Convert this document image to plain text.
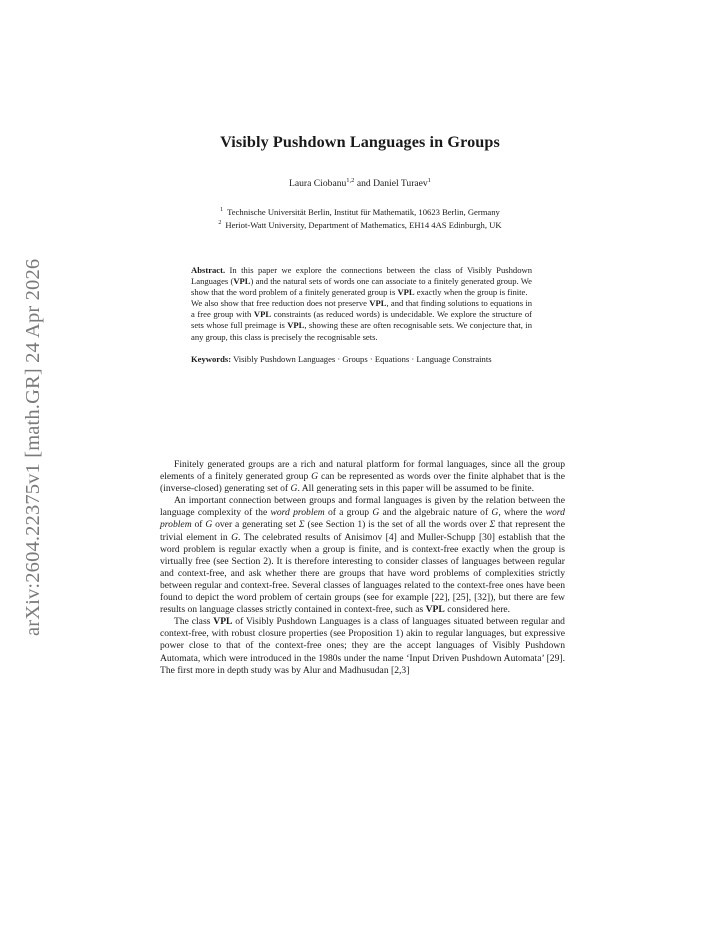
arXiv:2604.22375v1 [math.GR] 24 Apr 2026
Visibly Pushdown Languages in Groups
Laura Ciobanu$^{1,2}$ and Daniel Turaev$^1$
$^1$ Technische Universität Berlin, Institut für Mathematik, 10623 Berlin, Germany
$^2$ Heriot-Watt University, Department of Mathematics, EH14 4AS Edinburgh, UK

Abstract. In this paper we explore the connections between the class of Visibly Pushdown Languages (VPL) and the natural sets of words one can associate to a finitely generated group. We show that the word problem of a finitely generated group is VPL exactly when the group is finite.

We also show that free reduction does not preserve VPL, and that finding solutions to equations in a free group with VPL constraints (as reduced words) is undecidable. We explore the structure of sets whose full preimage is VPL, showing these are often recognisable sets. We conjecture that, in any group, this class is precisely the recognisable sets.

Keywords: Visibly Pushdown Languages · Groups · Equations · Language Constraints

Finitely generated groups are a rich and natural platform for formal languages, since all the group elements of a finitely generated group G can be represented as words over the finite alphabet that is the (inverse-closed) generating set of G. All generating sets in this paper will be assumed to be finite.

An important connection between groups and formal languages is given by the relation between the language complexity of the word problem of a group G and the algebraic nature of G, where the word problem of G over a generating set Σ (see Section 1) is the set of all the words over Σ that represent the trivial element in G. The celebrated results of Anisimov [4] and Muller-Schupp [30] establish that the word problem is regular exactly when a group is finite, and is context-free exactly when the group is virtually free (see Section 2). It is therefore interesting to consider classes of languages between regular and context-free, and ask whether there are groups that have word problems of complexities strictly between regular and context-free. Several classes of languages related to the context-free ones have been found to depict the word problem of certain groups (see for example [22], [25], [32]), but there are few results on language classes strictly contained in context-free, such as VPL considered here.

The class VPL of Visibly Pushdown Languages is a class of languages situated between regular and context-free, with robust closure properties (see Proposition 1) akin to regular languages, but expressive power close to that of the context-free ones; they are the accept languages of Visibly Pushdown Automata, which were introduced in the 1980s under the name ‘Input Driven Pushdown Automata’ [29]. The first more in depth study was by Alur and Madhusudan [2,3]
